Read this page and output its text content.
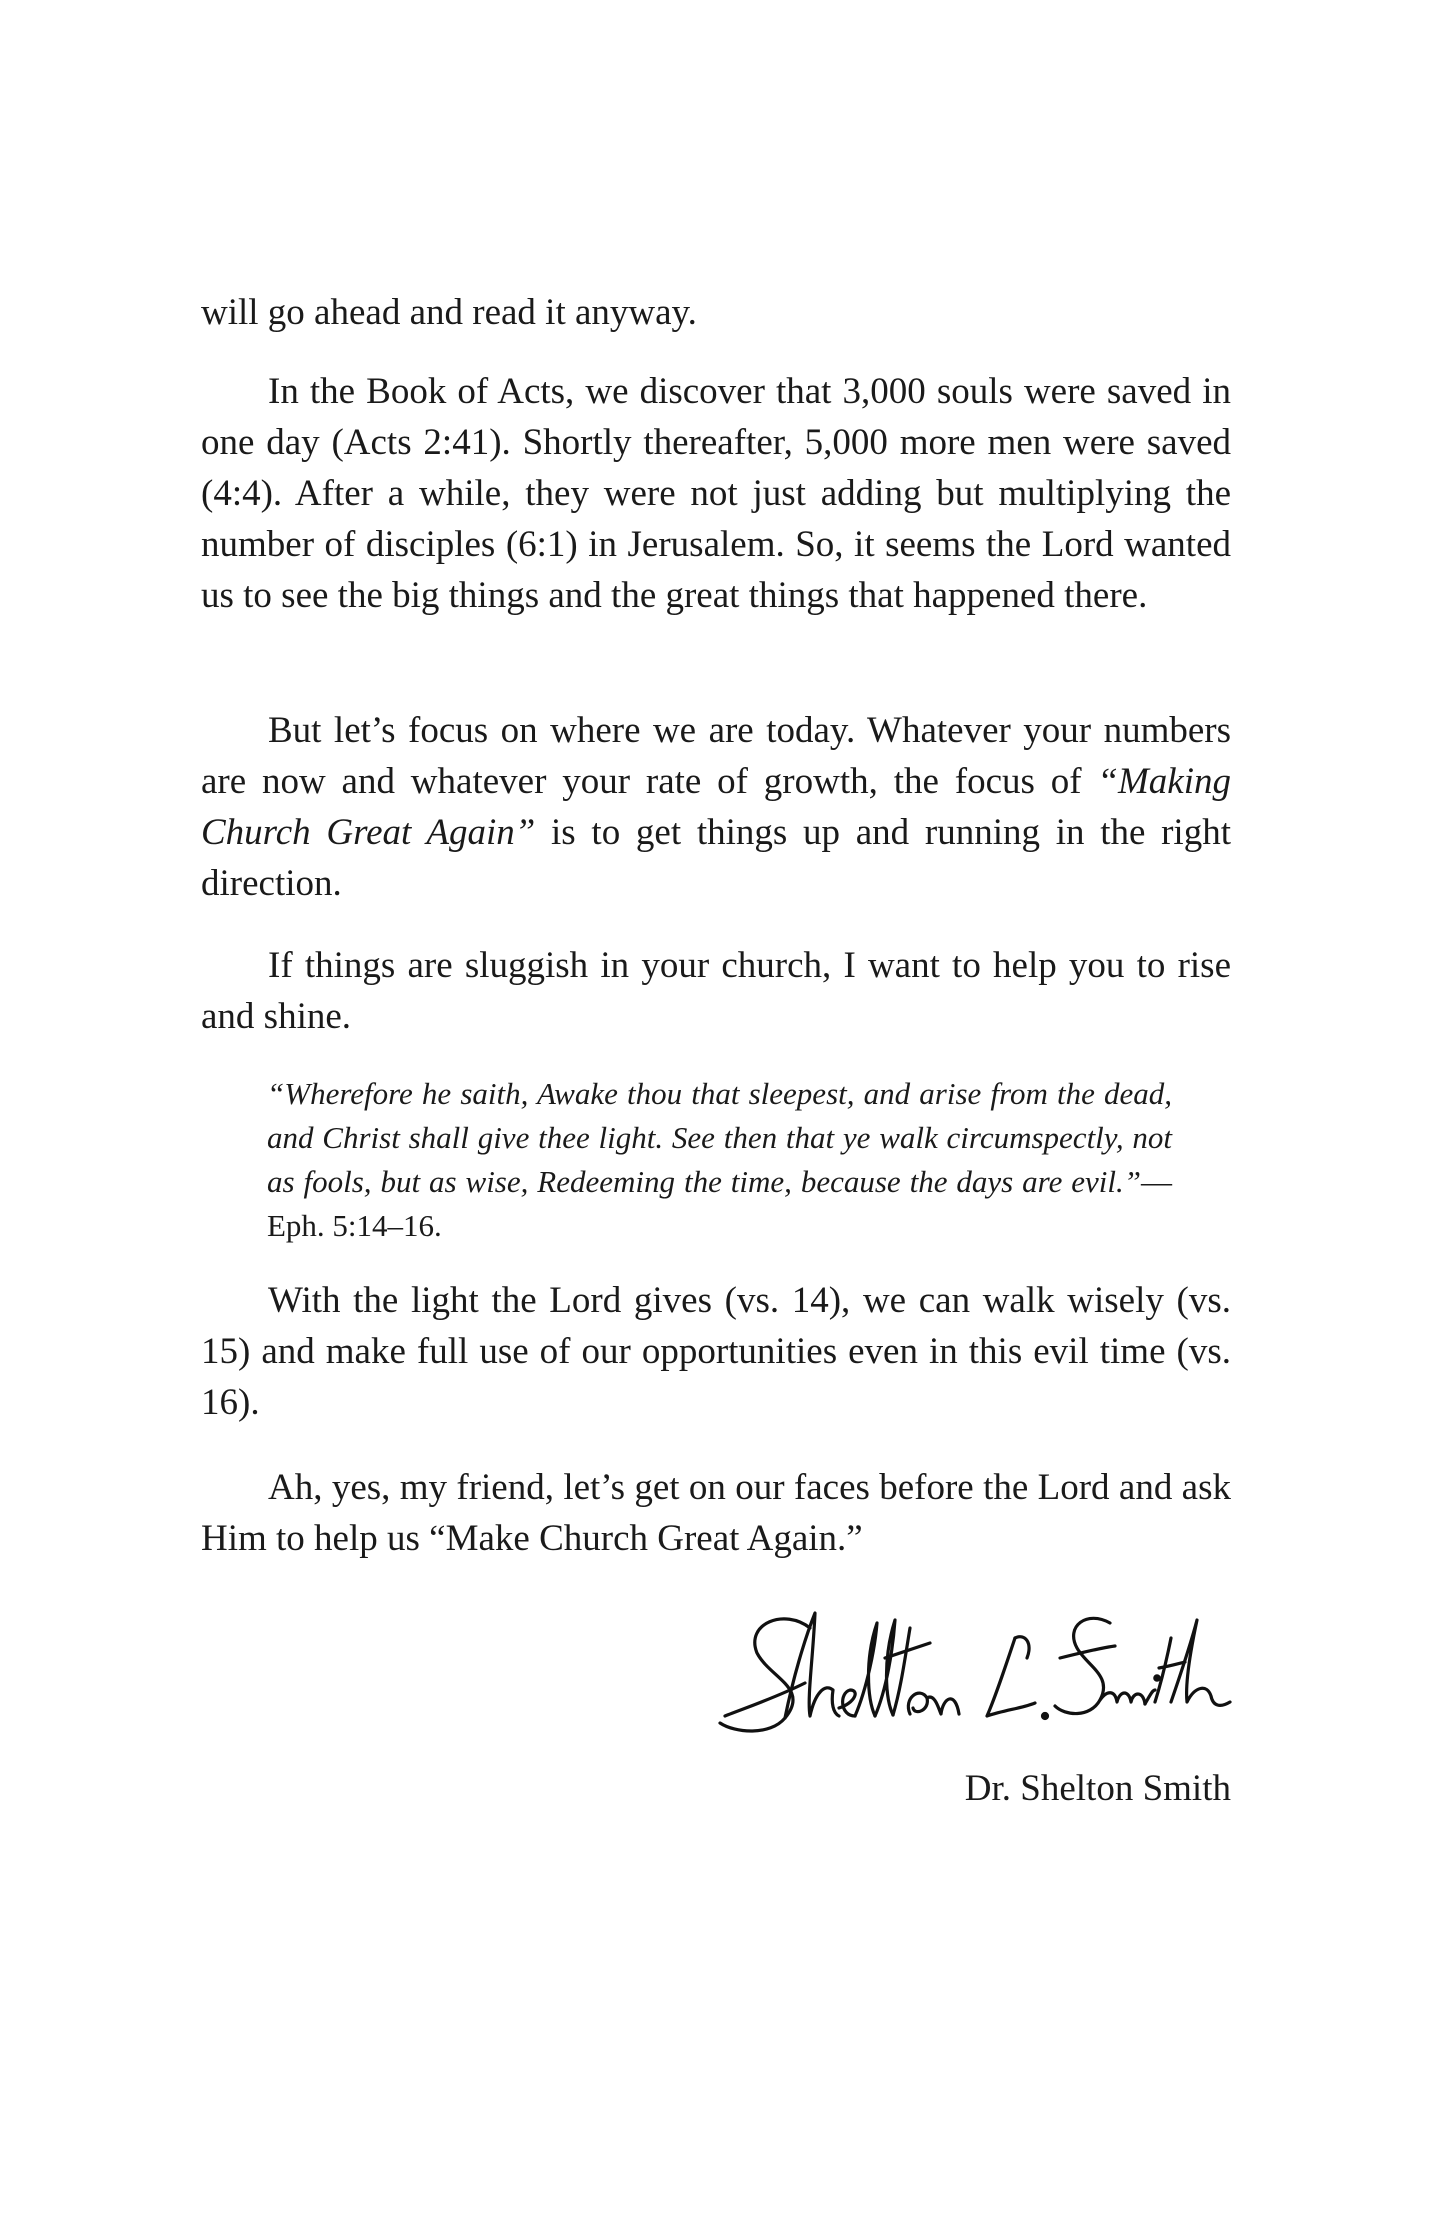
will go ahead and read it anyway.

In the Book of Acts, we discover that 3,000 souls were saved in one day (Acts 2:41). Shortly thereafter, 5,000 more men were saved (4:4). After a while, they were not just adding but multiplying the number of disciples (6:1) in Jerusalem. So, it seems the Lord wanted us to see the big things and the great things that happened there.

But let’s focus on where we are today. Whatever your numbers are now and whatever your rate of growth, the focus of “Making Church Great Again” is to get things up and running in the right direction.

If things are sluggish in your church, I want to help you to rise and shine.

“Wherefore he saith, Awake thou that sleepest, and arise from the dead, and Christ shall give thee light. See then that ye walk circumspectly, not as fools, but as wise, Redeeming the time, because the days are evil.”—Eph. 5:14–16.

With the light the Lord gives (vs. 14), we can walk wisely (vs. 15) and make full use of our opportunities even in this evil time (vs. 16).

Ah, yes, my friend, let’s get on our faces before the Lord and ask Him to help us “Make Church Great Again.”

Dr. Shelton Smith
